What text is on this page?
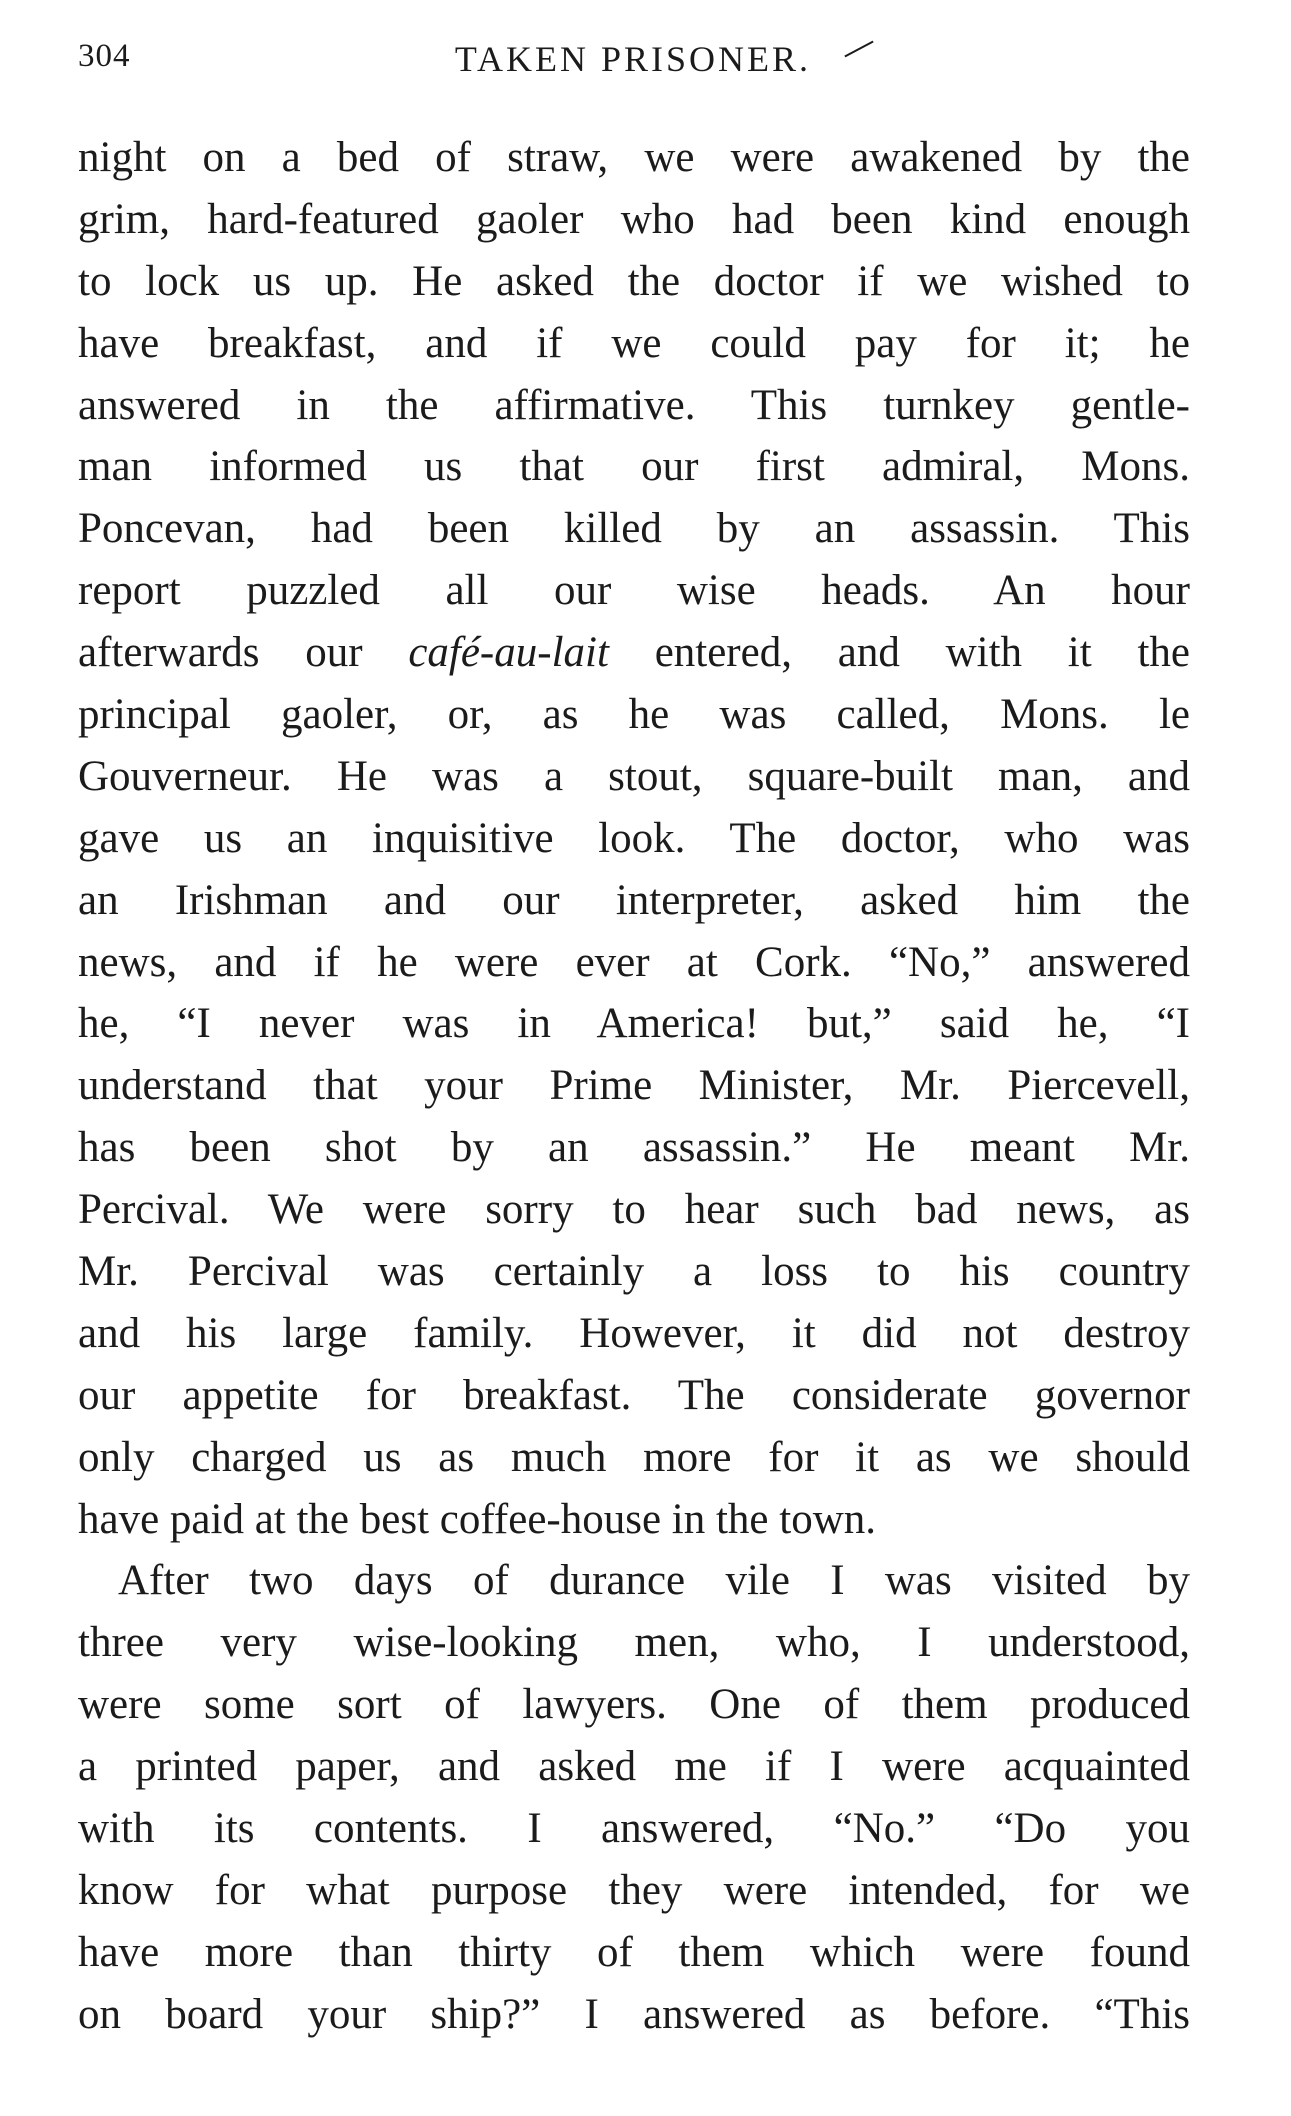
304	TAKEN PRISONER.
night on a bed of straw, we were awakened by the
grim, hard-featured gaoler who had been kind enough
to lock us up. He asked the doctor if we wished to
have breakfast, and if we could pay for it; he
answered in the affirmative. This turnkey gentle-
man informed us that our first admiral, Mons.
Poncevan, had been killed by an assassin. This
report puzzled all our wise heads. An hour
afterwards our café-au-lait entered, and with it the
principal gaoler, or, as he was called, Mons. le
Gouverneur. He was a stout, square-built man, and
gave us an inquisitive look. The doctor, who was
an Irishman and our interpreter, asked him the
news, and if he were ever at Cork. “No,” answered
he, “I never was in America! but,” said he, “I
understand that your Prime Minister, Mr. Piercevell,
has been shot by an assassin.” He meant Mr.
Percival. We were sorry to hear such bad news, as
Mr. Percival was certainly a loss to his country
and his large family. However, it did not destroy
our appetite for breakfast. The considerate governor
only charged us as much more for it as we should
have paid at the best coffee-house in the town.
After two days of durance vile I was visited by
three very wise-looking men, who, I understood,
were some sort of lawyers. One of them produced
a printed paper, and asked me if I were acquainted
with its contents. I answered, “No.” “Do you
know for what purpose they were intended, for we
have more than thirty of them which were found
on board your ship?” I answered as before. “This
